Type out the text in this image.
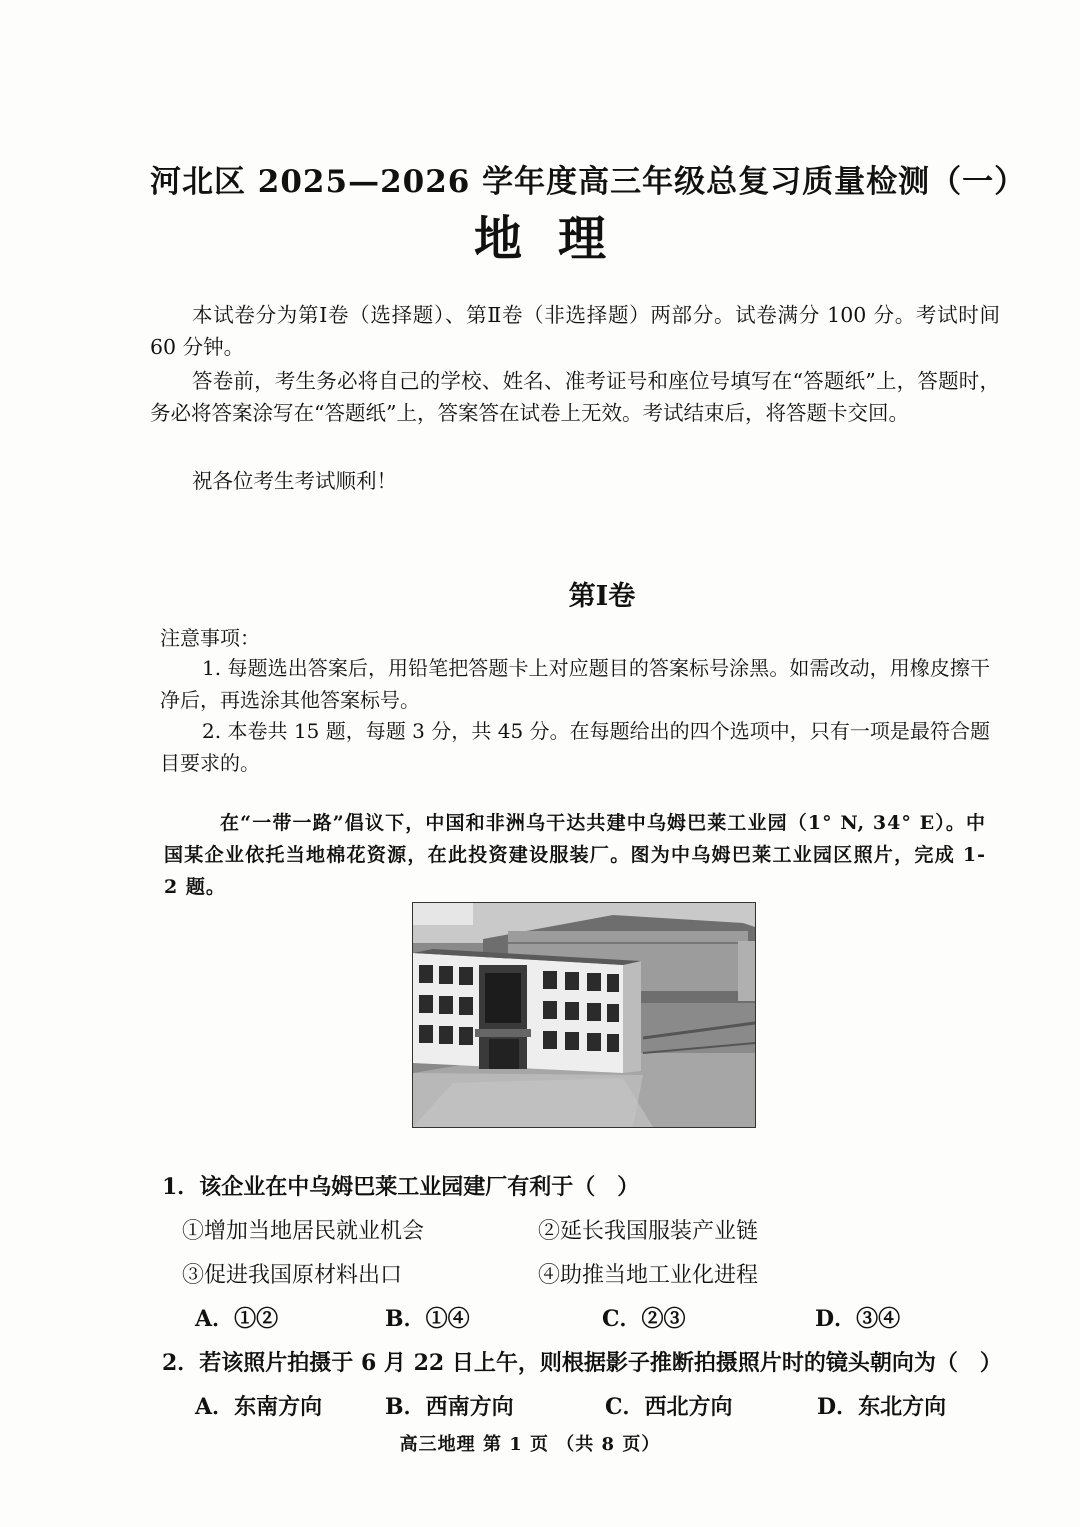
河北区 2025—2026 学年度高三年级总复习质量检测（一）
地理
本试卷分为第Ⅰ卷（选择题）、第Ⅱ卷（非选择题）两部分。试卷满分 100 分。考试时间 60 分钟。
答卷前，考生务必将自己的学校、姓名、准考证号和座位号填写在“答题纸”上，答题时，务必将答案涂写在“答题纸”上，答案答在试卷上无效。考试结束后，将答题卡交回。
祝各位考生考试顺利！
第Ⅰ卷
注意事项：
1. 每题选出答案后，用铅笔把答题卡上对应题目的答案标号涂黑。如需改动，用橡皮擦干净后，再选涂其他答案标号。
2. 本卷共 15 题，每题 3 分，共 45 分。在每题给出的四个选项中，只有一项是最符合题目要求的。
在“一带一路”倡议下，中国和非洲乌干达共建中乌姆巴莱工业园（1° N, 34° E）。中国某企业依托当地棉花资源，在此投资建设服装厂。图为中乌姆巴莱工业园区照片，完成 1-2 题。
1．该企业在中乌姆巴莱工业园建厂有利于（　）
①增加当地居民就业机会	②延长我国服装产业链
③促进我国原材料出口	④助推当地工业化进程
A．①②	B．①④	C．②③	D．③④
2．若该照片拍摄于 6 月 22 日上午，则根据影子推断拍摄照片时的镜头朝向为（　）
A．东南方向	B．西南方向	C．西北方向	D．东北方向
高三地理 第 1 页 （共 8 页）
